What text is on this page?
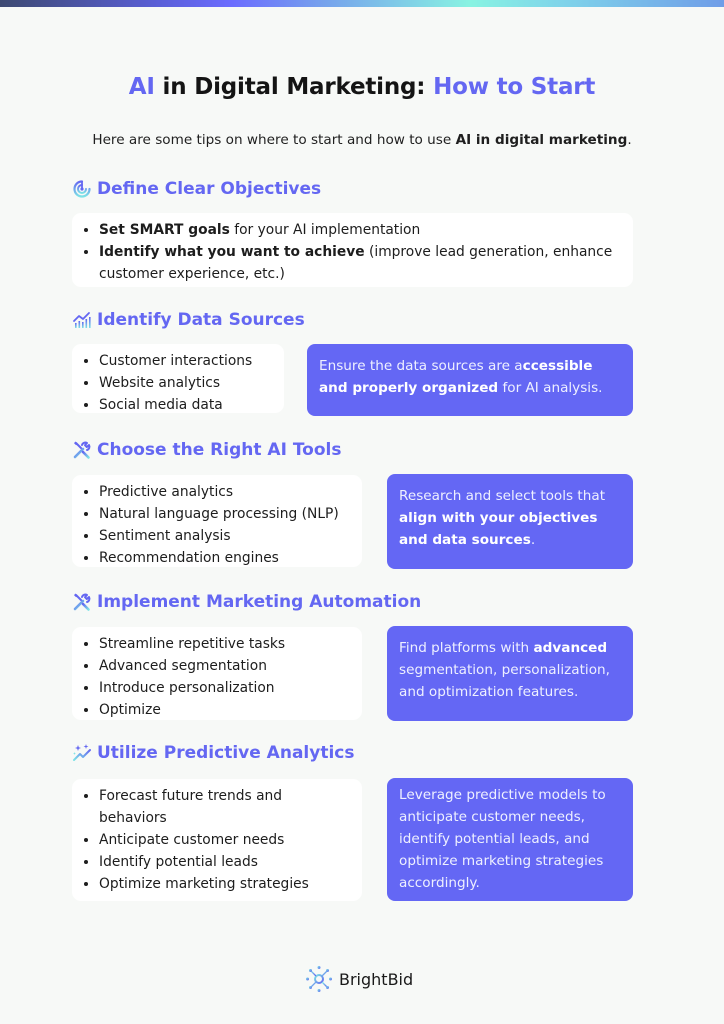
AI in Digital Marketing: How to Start

Here are some tips on where to start and how to use AI in digital marketing.

Define Clear Objectives
Set SMART goals for your AI implementation
Identify what you want to achieve (improve lead generation, enhance customer experience, etc.)
Identify Data Sources
Customer interactions
Website analytics
Social media data
Ensure the data sources are accessible and properly organized for AI analysis.
Choose the Right AI Tools
Predictive analytics
Natural language processing (NLP)
Sentiment analysis
Recommendation engines
Research and select tools that align with your objectives and data sources.
Implement Marketing Automation
Streamline repetitive tasks
Advanced segmentation
Introduce personalization
Optimize
Find platforms with advanced segmentation, personalization, and optimization features.
Utilize Predictive Analytics
Forecast future trends and behaviors
Anticipate customer needs
Identify potential leads
Optimize marketing strategies
Leverage predictive models to anticipate customer needs, identify potential leads, and optimize marketing strategies accordingly.
BrightBid
